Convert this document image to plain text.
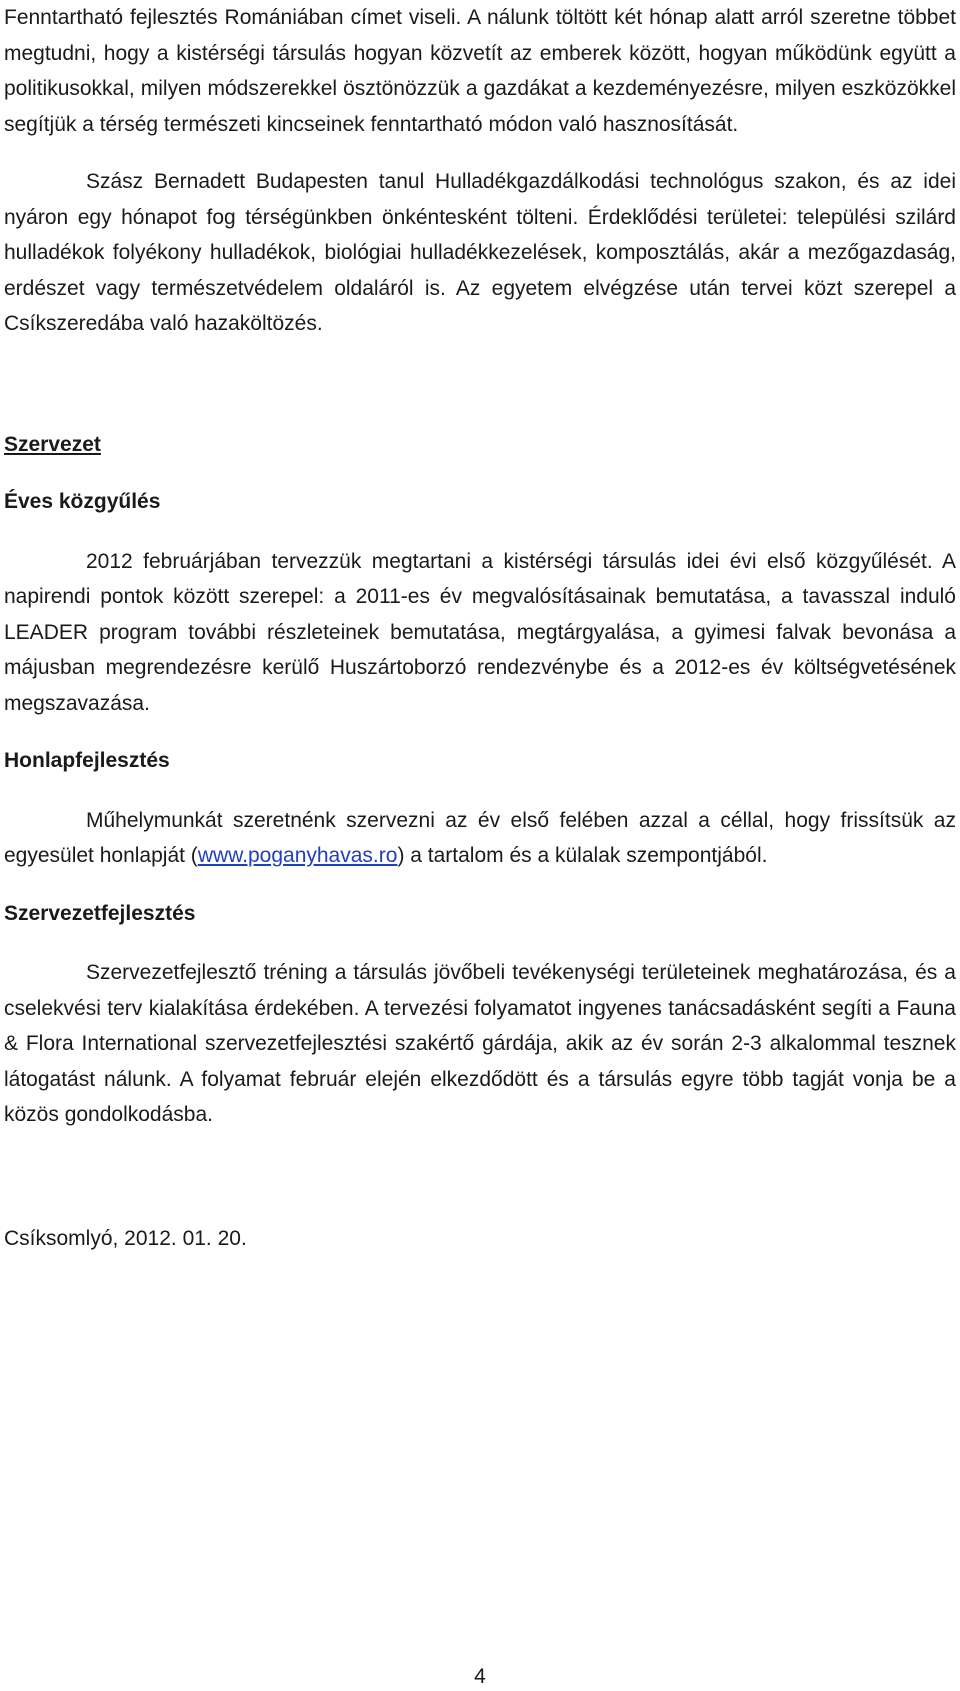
Fenntartható fejlesztés Romániában címet viseli. A nálunk töltött két hónap alatt arról szeretne többet megtudni, hogy a kistérségi társulás hogyan közvetít az emberek között, hogyan működünk együtt a politikusokkal, milyen módszerekkel ösztönözzük a gazdákat a kezdeményezésre, milyen eszközökkel segítjük a térség természeti kincseinek fenntartható módon való hasznosítását.

Szász Bernadett Budapesten tanul Hulladékgazdálkodási technológus szakon, és az idei nyáron egy hónapot fog térségünkben önkéntesként tölteni. Érdeklődési területei: települési szilárd hulladékok folyékony hulladékok, biológiai hulladékkezelések, komposztálás, akár a mezőgazdaság, erdészet vagy természetvédelem oldaláról is. Az egyetem elvégzése után tervei közt szerepel a Csíkszeredába való hazaköltözés.

Szervezet
Éves közgyűlés

2012 februárjában tervezzük megtartani a kistérségi társulás idei évi első közgyűlését. A napirendi pontok között szerepel: a 2011-es év megvalósításainak bemutatása, a tavasszal induló LEADER program további részleteinek bemutatása, megtárgyalása, a gyimesi falvak bevonása a májusban megrendezésre kerülő Huszártoborzó rendezvénybe és a 2012-es év költségvetésének megszavazása.

Honlapfejlesztés

Műhelymunkát szeretnénk szervezni az év első felében azzal a céllal, hogy frissítsük az egyesület honlapját (www.poganyhavas.ro) a tartalom és a külalak szempontjából.

Szervezetfejlesztés

Szervezetfejlesztő tréning a társulás jövőbeli tevékenységi területeinek meghatározása, és a cselekvési terv kialakítása érdekében. A tervezési folyamatot ingyenes tanácsadásként segíti a Fauna & Flora International szervezetfejlesztési szakértő gárdája, akik az év során 2-3 alkalommal tesznek látogatást nálunk. A folyamat február elején elkezdődött és a társulás egyre több tagját vonja be a közös gondolkodásba.

Csíksomlyó, 2012. 01. 20.

4
